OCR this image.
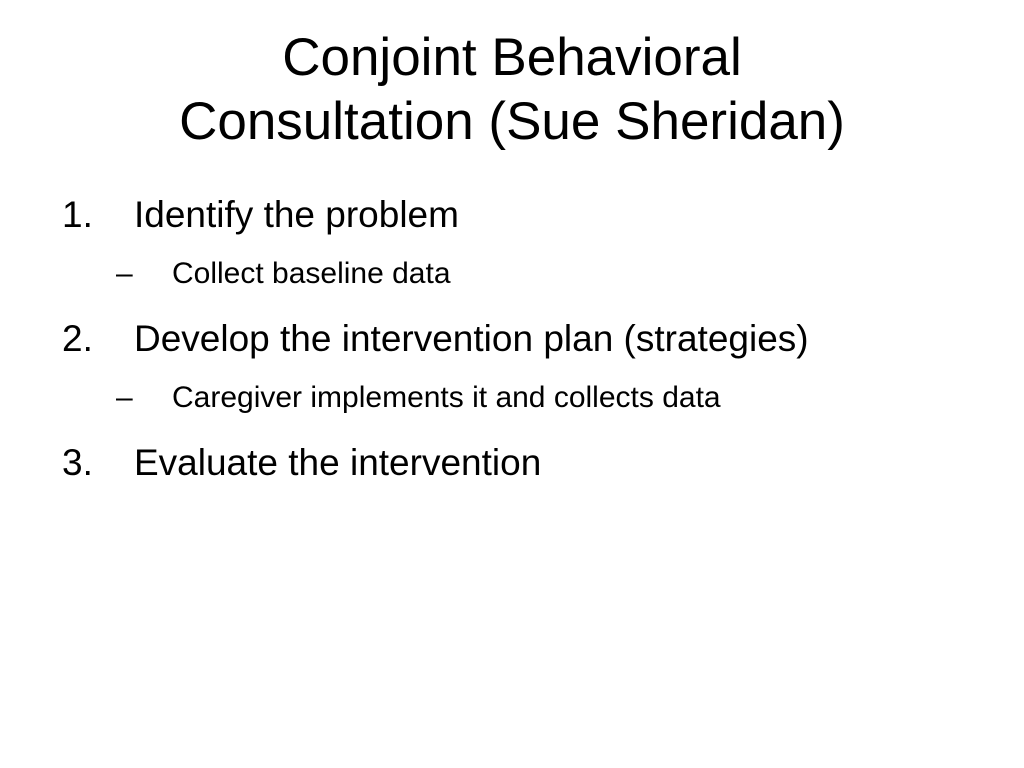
Conjoint Behavioral
Consultation (Sue Sheridan)
1. Identify the problem
– Collect baseline data
2. Develop the intervention plan (strategies)
– Caregiver implements it and collects data
3. Evaluate the intervention
